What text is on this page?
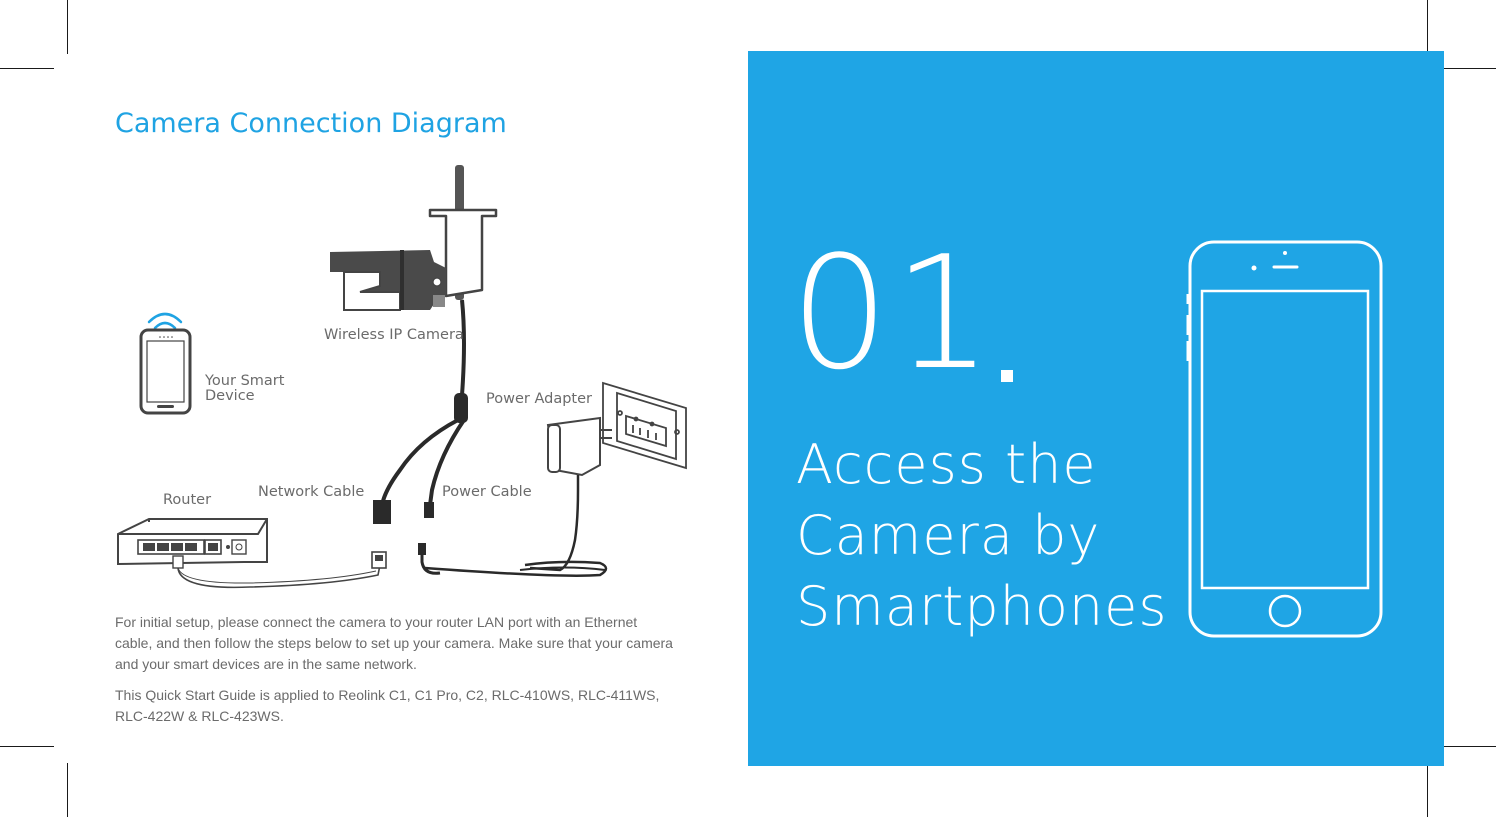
Camera Connection Diagram
Wireless IP Camera
Your Smart
Device	Power Adapter
Router	Network Cable	Power Cable

For initial setup, please connect the camera to your router LAN port with an Ethernet cable, and then follow the steps below to set up your camera. Make sure that your camera and your smart devices are in the same network.

This Quick Start Guide is applied to Reolink C1, C1 Pro, C2, RLC-410WS, RLC-411WS, RLC-422W & RLC-423WS.

01
Access the
Camera by
Smartphones
